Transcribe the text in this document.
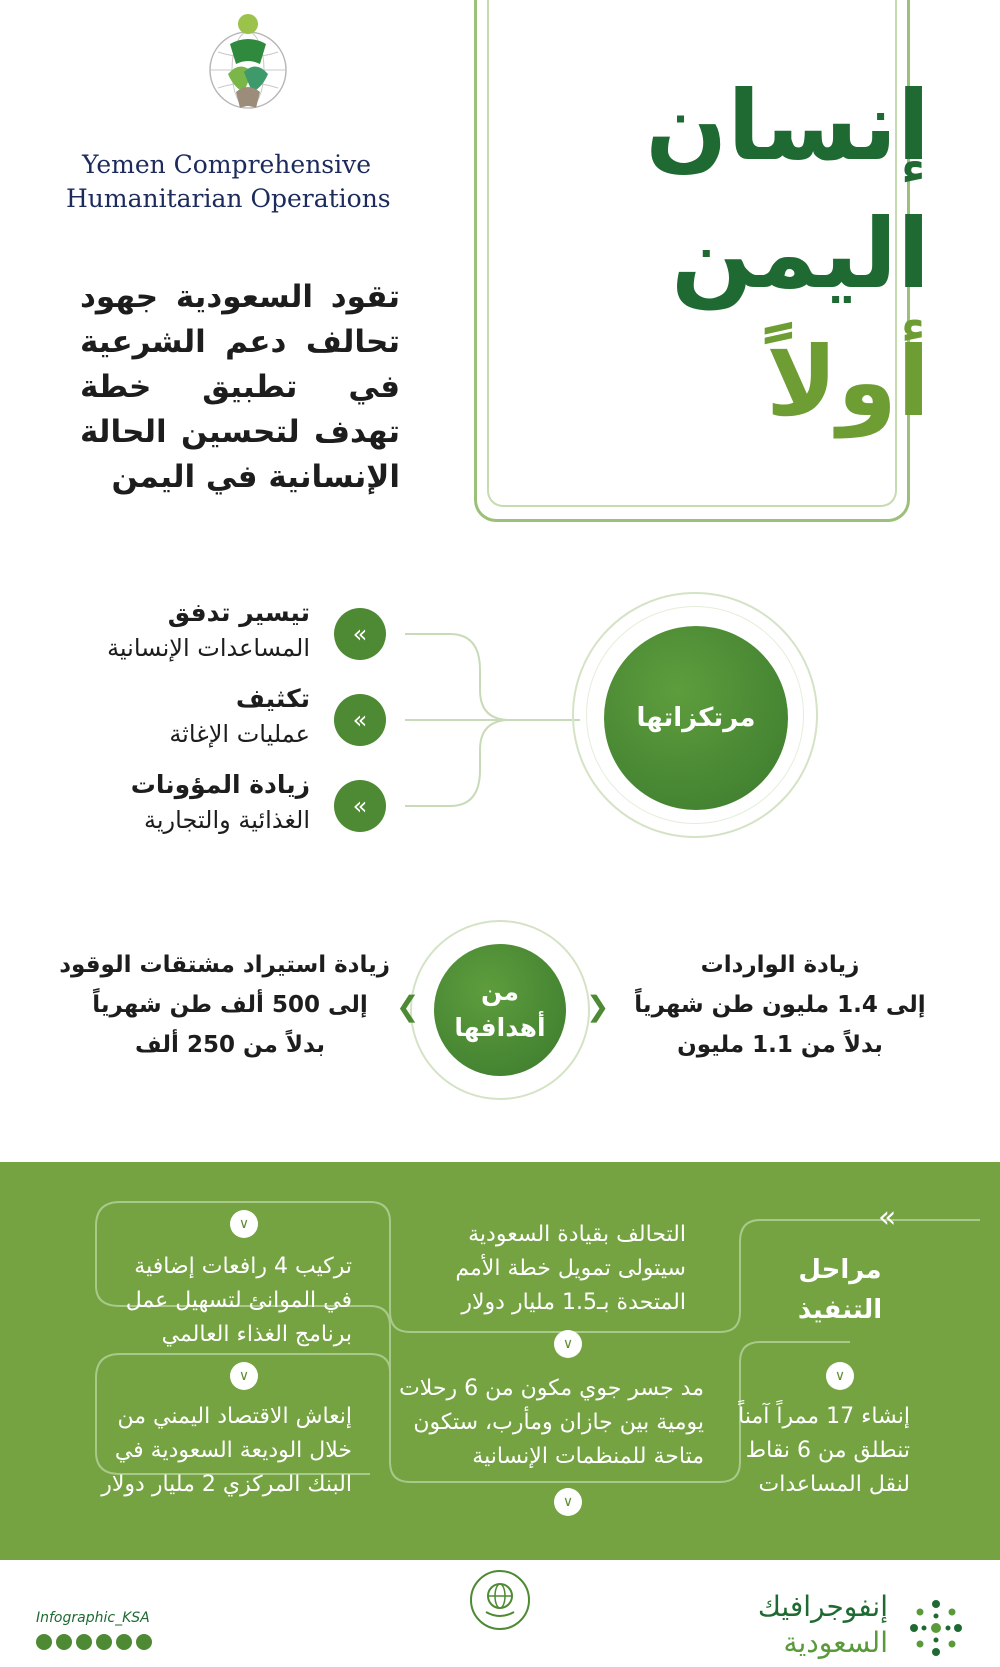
Yemen Comprehensive
Humanitarian Operations
إنسان
اليمن
أولاً
تقود السعودية جهود تحالف دعم الشرعية في تطبيق خطة تهدف لتحسين الحالة الإنسانية في اليمن
مرتكزاتها
«
«
«
تيسير تدفق
المساعدات الإنسانية
تكثيف
عمليات الإغاثة
زيادة المؤونات
الغذائية والتجارية
من
أهدافها
❮	❯
زيادة الواردات
إلى 1.4 مليون طن شهرياً
بدلاً من 1.1 مليون
زيادة استيراد مشتقات الوقود
إلى 500 ألف طن شهرياً
بدلاً من 250 ألف
«
مراحل
التنفيذ
∨
∨
∨	∨
∨
التحالف بقيادة السعودية
سيتولى تمويل خطة الأمم
المتحدة بـ1.5 مليار دولار
تركيب 4 رافعات إضافية
في الموانئ لتسهيل عمل
برنامج الغذاء العالمي
إنشاء 17 ممراً آمناً
تنطلق من 6 نقاط
لنقل المساعدات
مد جسر جوي مكون من 6 رحلات
يومية بين جازان ومأرب، ستكون
متاحة للمنظمات الإنسانية
إنعاش الاقتصاد اليمني من
خلال الوديعة السعودية في
البنك المركزي 2 مليار دولار
Infographic_KSA	إنفوجرافيك
السعودية
